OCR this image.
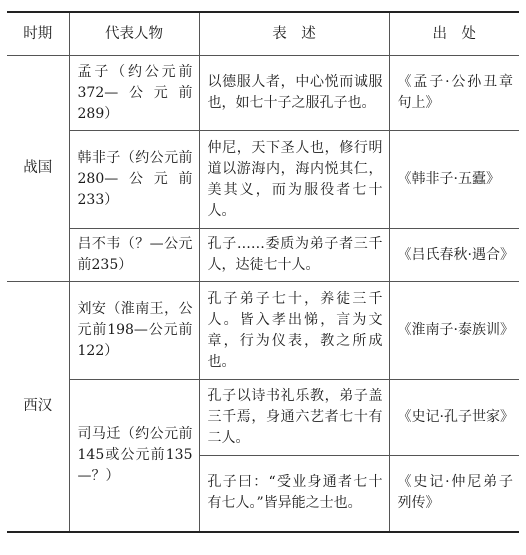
时期	代表人物	表　述	出　处
战国	孟子（约公元前372—公元前289）	以德服人者，中心悦而诚服也，如七十子之服孔子也。	《孟子·公孙丑章句上》
	韩非子（约公元前280—公元前233）	仲尼，天下圣人也，修行明道以游海内，海内悦其仁，美其义，而为服役者七十人。	《韩非子·五蠹》
	吕不韦（？—公元前235）	孔子……委质为弟子者三千人，达徒七十人。	《吕氏春秋·遇合》
西汉	刘安（淮南王，公元前198—公元前122）	孔子弟子七十，养徒三千人。皆入孝出悌，言为文章，行为仪表，教之所成也。	《淮南子·泰族训》
	司马迁（约公元前145或公元前135—？）	孔子以诗书礼乐教，弟子盖三千焉，身通六艺者七十有二人。	《史记·孔子世家》
		孔子曰：“受业身通者七十有七人。”皆异能之士也。	《史记·仲尼弟子列传》
